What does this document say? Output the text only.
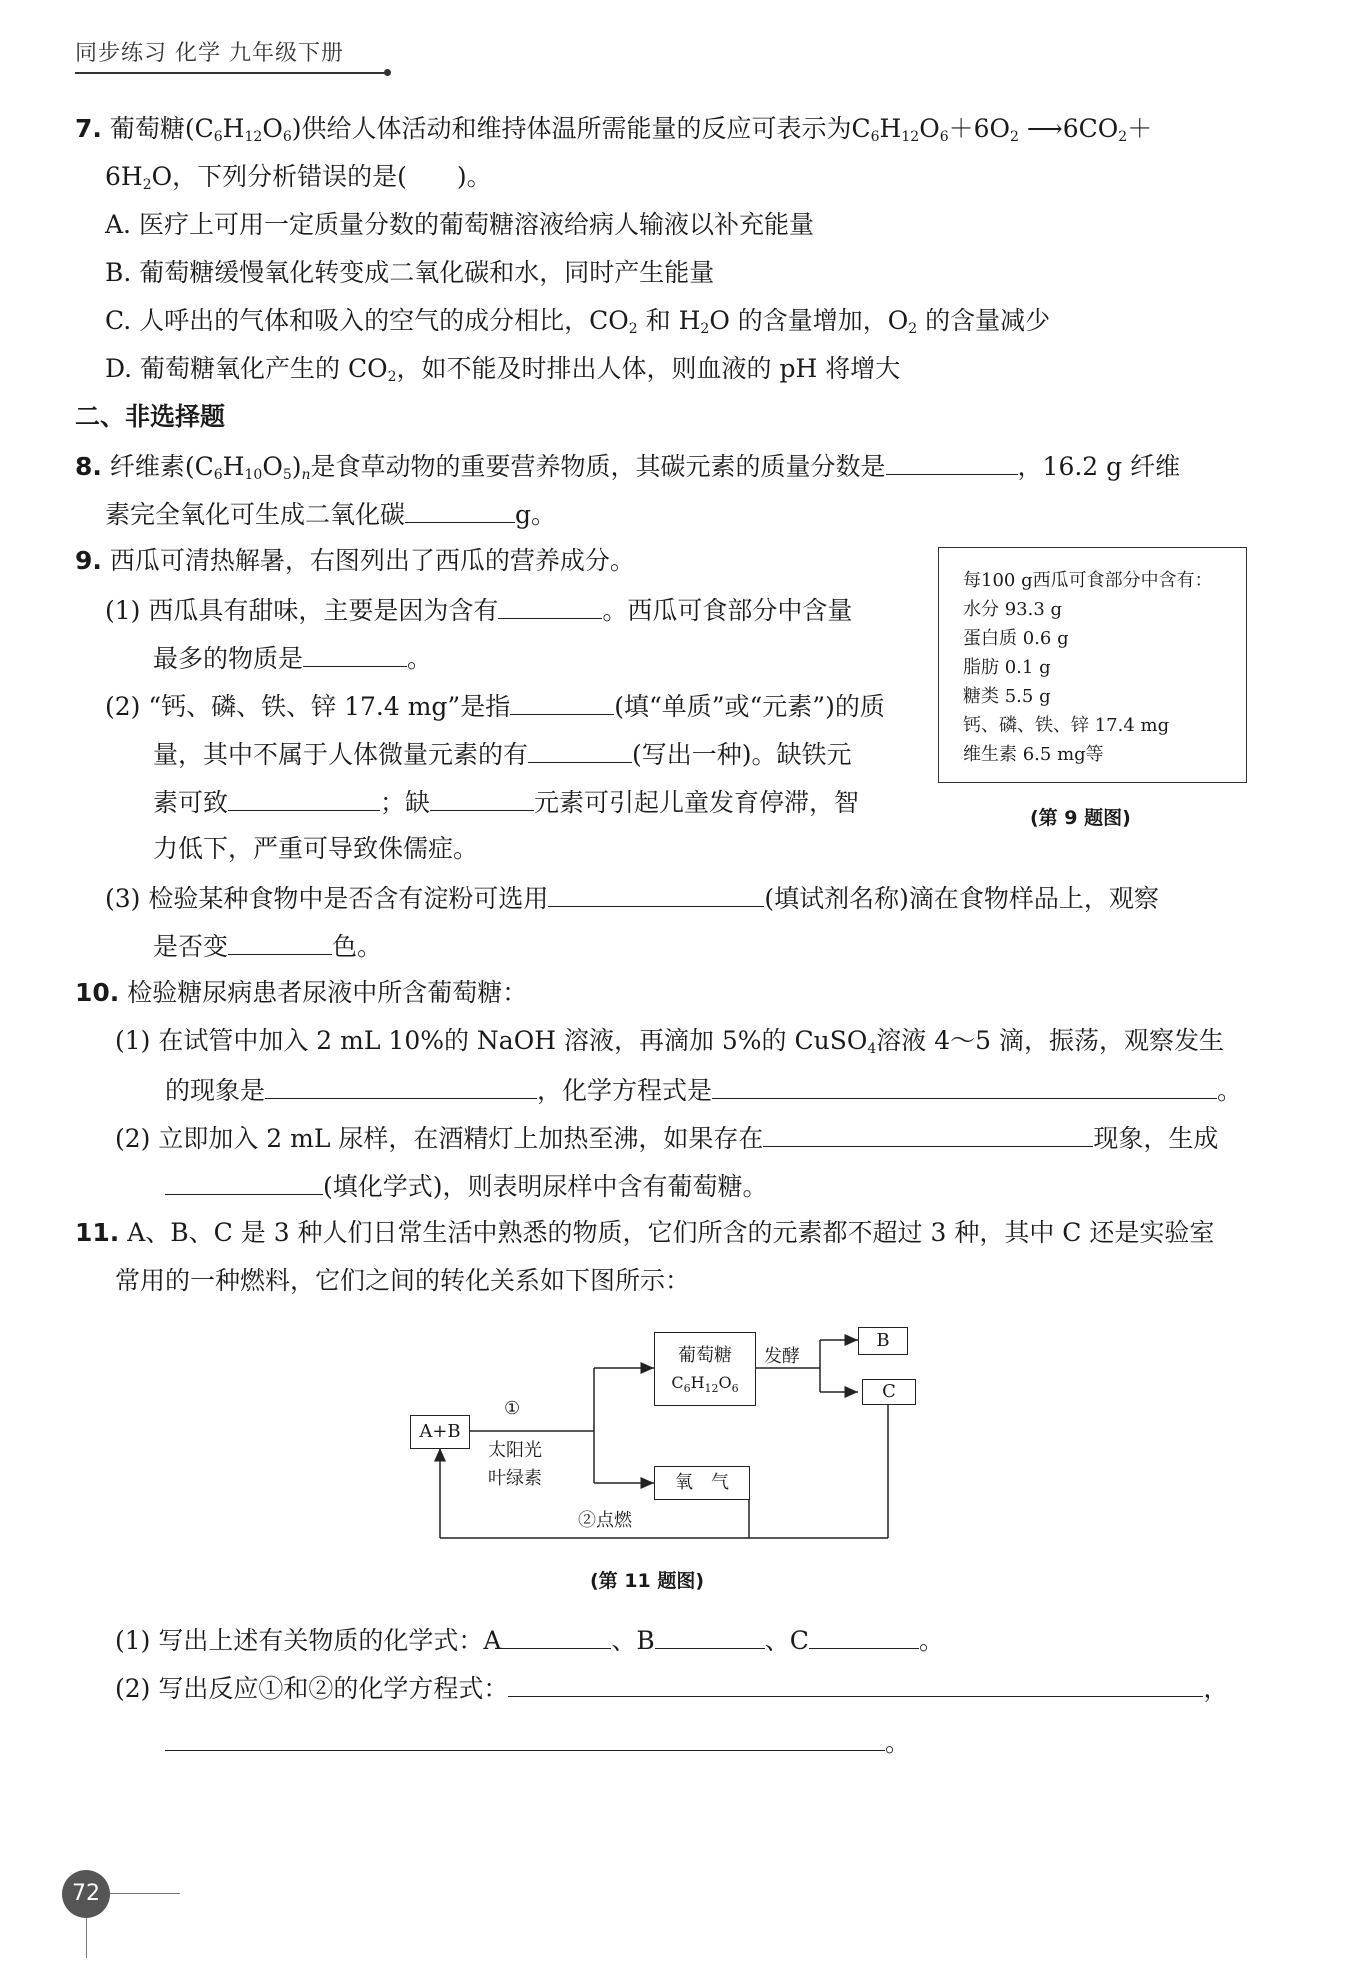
同步练习 化学 九年级下册
7. 葡萄糖$(C_6H_{12}O_6)$供给人体活动和维持体温所需能量的反应可表示为$C_6H_{12}O_6+6O_2$ $⟶6CO_2+$
$6H_2O$，下列分析错误的是(　　)。
A. 医疗上可用一定质量分数的葡萄糖溶液给病人输液以补充能量
B. 葡萄糖缓慢氧化转变成二氧化碳和水，同时产生能量
C. 人呼出的气体和吸入的空气的成分相比，$CO_2$ 和 $H_2O$ 的含量增加，$O_2$ 的含量减少
D. 葡萄糖氧化产生的 $CO_2$，如不能及时排出人体，则血液的 pH 将增大
二、非选择题
8. 纤维素$(C_6H_{10}O_5)_n$是食草动物的重要营养物质，其碳元素的质量分数是	，16.2 g 纤维
素完全氧化可生成二氧化碳	g。
9. 西瓜可清热解暑，右图列出了西瓜的营养成分。
(1) 西瓜具有甜味，主要是因为含有	。西瓜可食部分中含量
最多的物质是	。
(2) “钙、磷、铁、锌 17.4 mg”是指	(填“单质”或“元素”)的质
量，其中不属于人体微量元素的有	(写出一种)。缺铁元
素可致	；缺	元素可引起儿童发育停滞，智
力低下，严重可导致侏儒症。
(3) 检验某种食物中是否含有淀粉可选用	(填试剂名称)滴在食物样品上，观察
是否变	色。
每100 g西瓜可食部分中含有：
水分 93.3 g
蛋白质 0.6 g
脂肪 0.1 g
糖类 5.5 g
钙、磷、铁、锌 17.4 mg
维生素 6.5 mg等
(第 9 题图)
10. 检验糖尿病患者尿液中所含葡萄糖：
(1) 在试管中加入 2 mL 10%的 NaOH 溶液，再滴加 5%的 CuSO$_4$溶液 4～5 滴，振荡，观察发生
的现象是	，化学方程式是	。
(2) 立即加入 2 mL 尿样，在酒精灯上加热至沸，如果存在	现象，生成
(填化学式)，则表明尿样中含有葡萄糖。
11. A、B、C 是 3 种人们日常生活中熟悉的物质，它们所含的元素都不超过 3 种，其中 C 还是实验室
常用的一种燃料，它们之间的转化关系如下图所示：
A+B
①
太阳光
叶绿素
葡萄糖
$C_6H_{12}O_6$
发酵
B
C
氧　气
②点燃
(第 11 题图)
(1) 写出上述有关物质的化学式：A	、B	、C	。
(2) 写出反应①和②的化学方程式：	，
。
72
